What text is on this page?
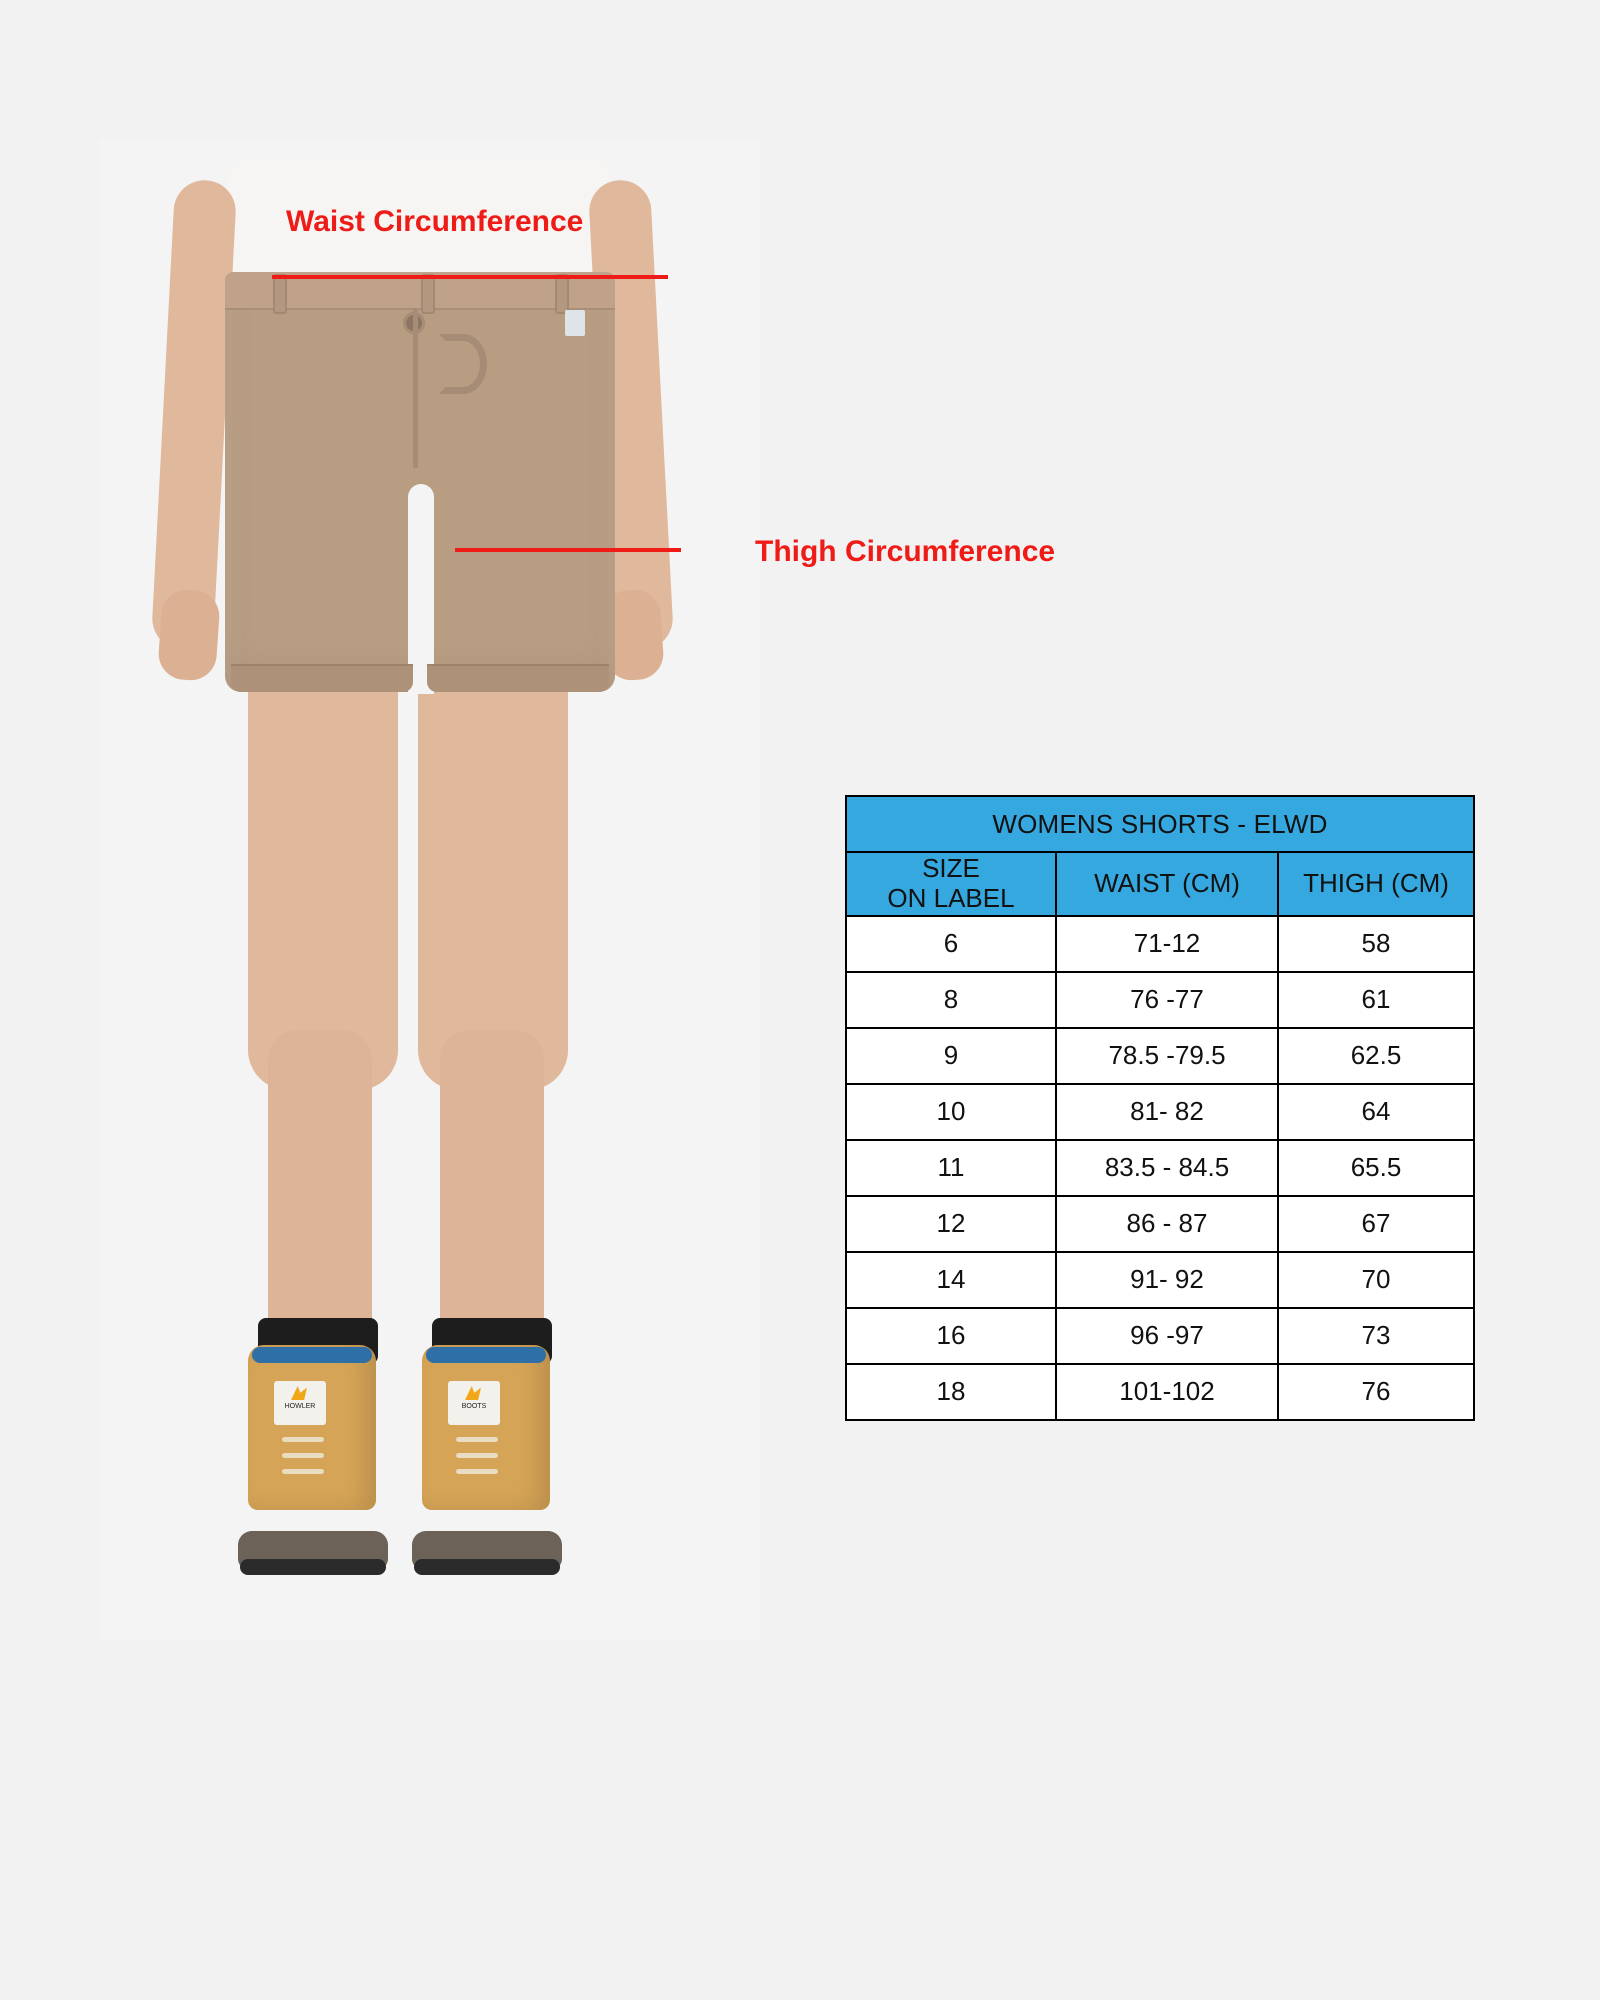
HOWLER	BOOTS
Waist Circumference
Thigh Circumference
WOMENS SHORTS - ELWD		

SIZE
ON LABEL	WAIST (CM)	THIGH (CM)
6	71-12	58
8	76 -77	61
9	78.5 -79.5	62.5
10	81- 82	64
11	83.5 - 84.5	65.5
12	86 - 87	67
14	91- 92	70
16	96 -97	73
18	101-102	76
